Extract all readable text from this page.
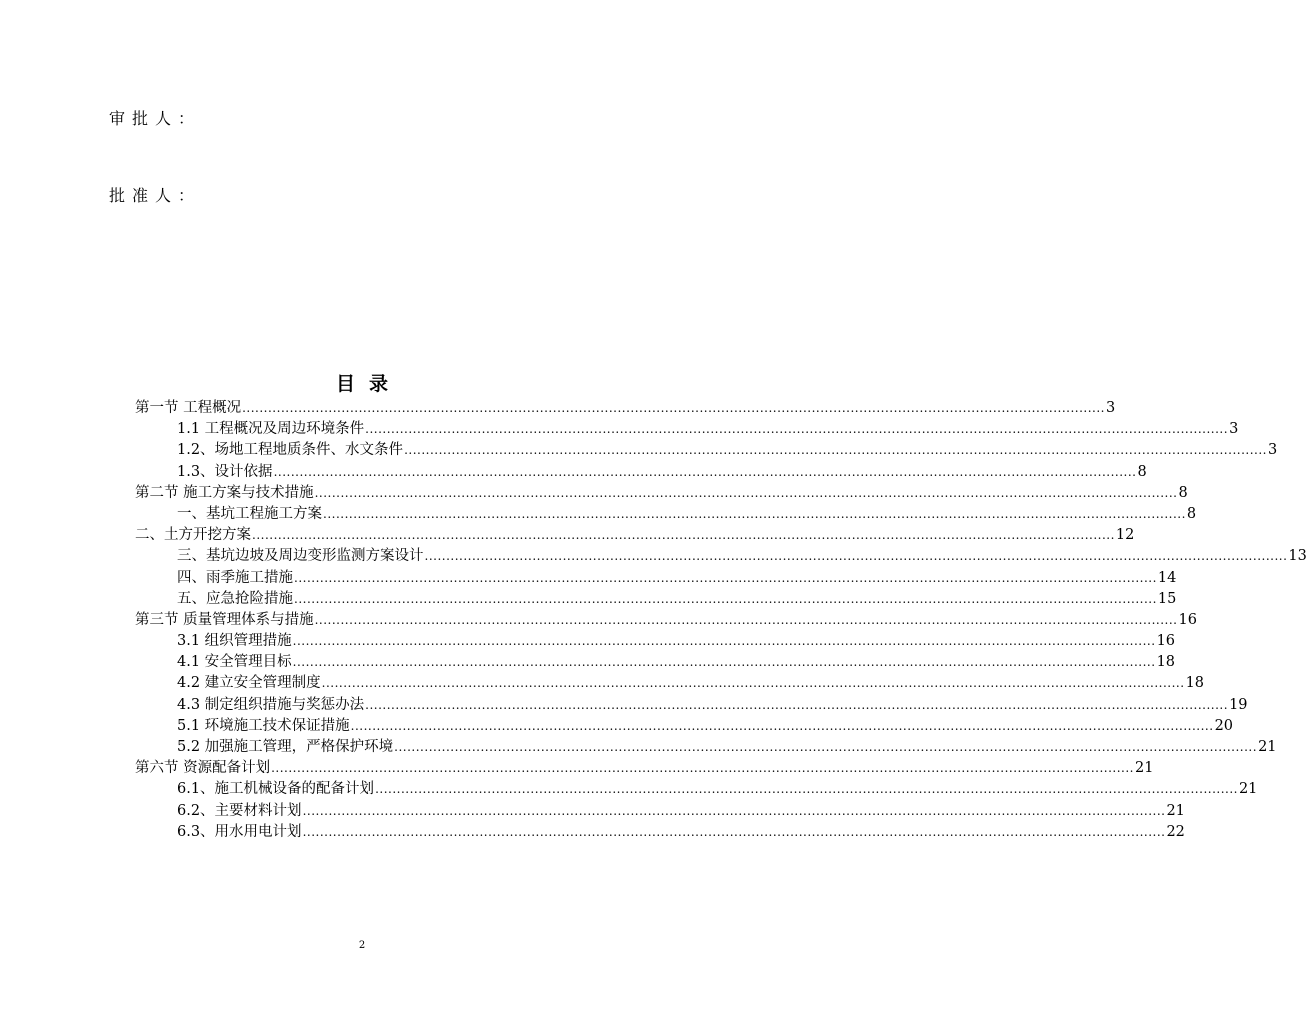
审批人：
批准人：
目录
第一节 工程概况 ........................................................................................................................................................................................................ 3
1.1 工程概况及周边环境条件 ........................................................................................................................................................................................................ 3
1.2、场地工程地质条件、水文条件 ........................................................................................................................................................................................................ 3
1.3、设计依据 ........................................................................................................................................................................................................ 8
第二节 施工方案与技术措施 ........................................................................................................................................................................................................ 8
一、基坑工程施工方案 ........................................................................................................................................................................................................ 8
二、土方开挖方案 ........................................................................................................................................................................................................ 12
三、基坑边坡及周边变形监测方案设计 ........................................................................................................................................................................................................ 13
四、雨季施工措施 ........................................................................................................................................................................................................ 14
五、应急抢险措施 ........................................................................................................................................................................................................ 15
第三节 质量管理体系与措施 ........................................................................................................................................................................................................ 16
3.1 组织管理措施 ........................................................................................................................................................................................................ 16
4.1 安全管理目标 ........................................................................................................................................................................................................ 18
4.2 建立安全管理制度 ........................................................................................................................................................................................................ 18
4.3 制定组织措施与奖惩办法 ........................................................................................................................................................................................................ 19
5.1 环境施工技术保证措施 ........................................................................................................................................................................................................ 20
5.2 加强施工管理，严格保护环境 ........................................................................................................................................................................................................ 21
第六节 资源配备计划 ........................................................................................................................................................................................................ 21
6.1、施工机械设备的配备计划 ........................................................................................................................................................................................................ 21
6.2、主要材料计划 ........................................................................................................................................................................................................ 21
6.3、用水用电计划 ........................................................................................................................................................................................................ 22
2
